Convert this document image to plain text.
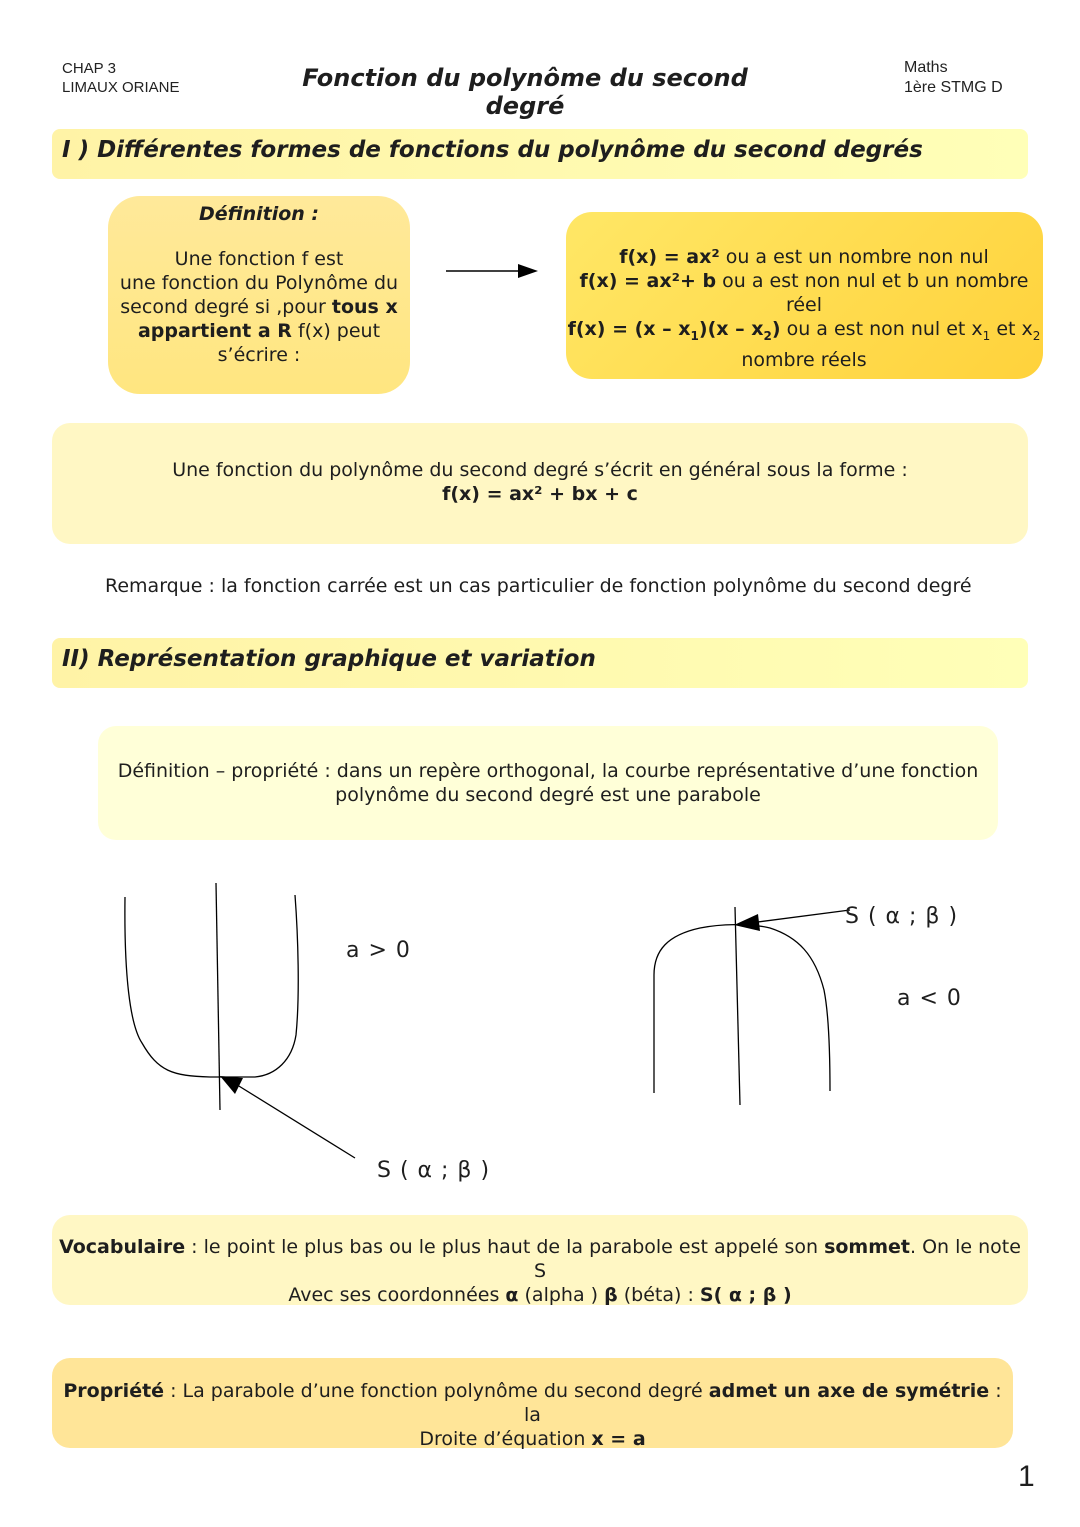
CHAP 3
LIMAUX ORIANE	Fonction du polynôme du second degré
Maths
1ère STMG D
I ) Différentes formes de fonctions du polynôme du second degrés
Définition :
Une fonction f est
une fonction du Polynôme du
second degré si ,pour tous x
appartient a R f(x) peut
s’écrire :
f(x) = ax² ou a est un nombre non nul
f(x) = ax²+ b ou a est non nul et b un nombre réel
$f(x) = (x - x_1)(x - x_2)$ ou a est non nul et $x_1$ et $x_2$
nombre réels
Une fonction du polynôme du second degré s’écrit en général sous la forme :
f(x) = ax² + bx + c
Remarque : la fonction carrée est un cas particulier de fonction polynôme du second degré
II) Représentation graphique et variation
Définition – propriété : dans un repère orthogonal, la courbe représentative d’une fonction
polynôme du second degré est une parabole
a > 0
S ( α ; β )
S ( α ; β )
a < 0
Vocabulaire : le point le plus bas ou le plus haut de la parabole est appelé son sommet. On le note S
Avec ses coordonnées α (alpha ) β (béta) : S( α ; β )
Propriété : La parabole d’une fonction polynôme du second degré admet un axe de symétrie : la
Droite d’équation x = a
1
